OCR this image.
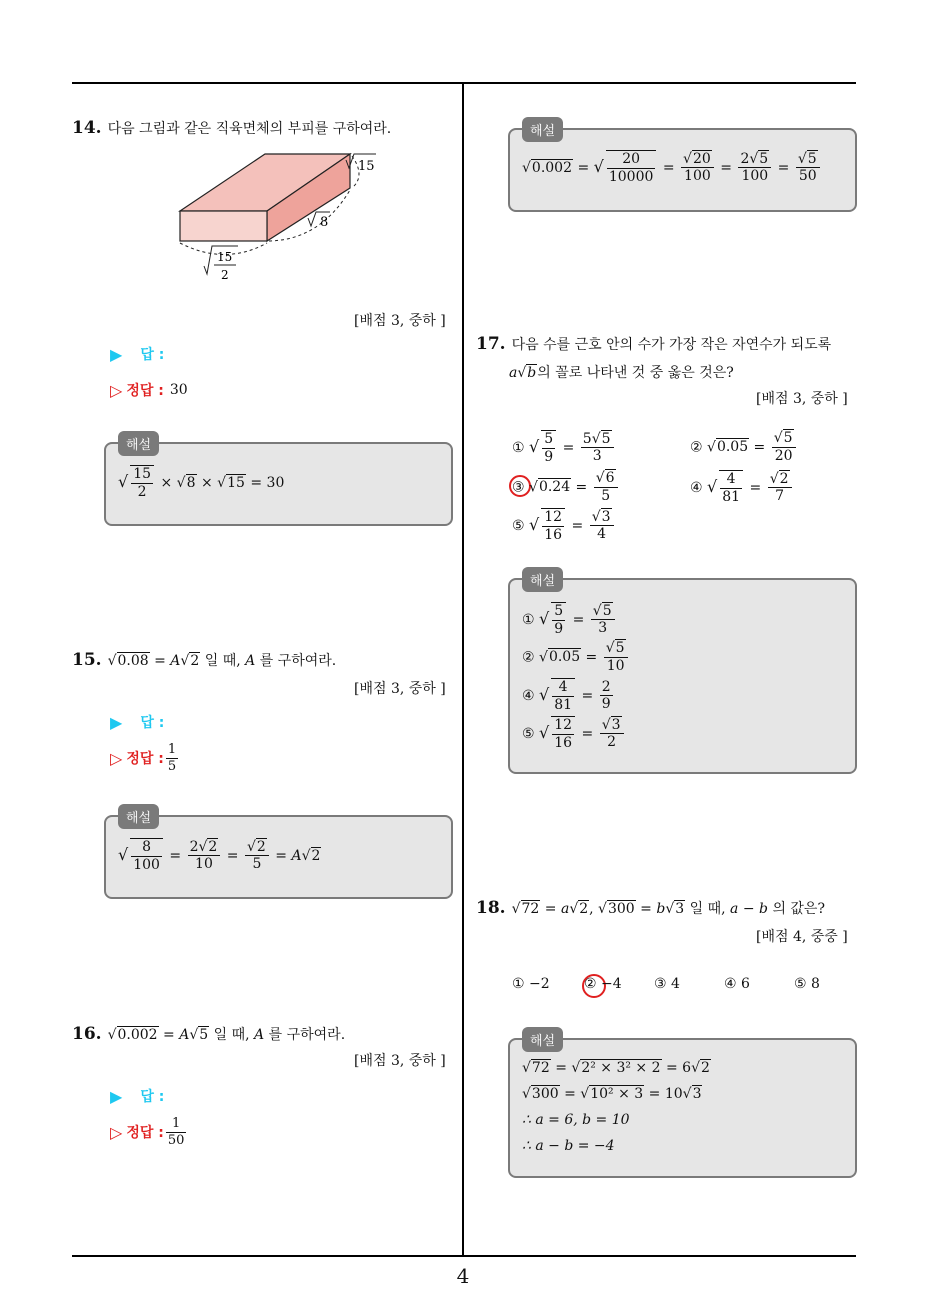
4
14. 다음 그림과 같은 직육면체의 부피를 구하여라.
15
8
15
2
[배점 3, 중하 ]
▶ 답 :
▷ 정답 : 30
해설
√ $\frac{15}{2} \times √8 \times √15 = 30$
15. √0.08 = A√2 일 때, A 를 구하여라.
[배점 3, 중하 ]
▶ 답 :
▷ 정답 : $\frac{1}{5}$
해설
√ $\frac{8}{100} = \frac{2√2}{10} = \frac{√2}{5} = A√2$
16. √0.002 = A√5 일 때, A 를 구하여라.
[배점 3, 중하 ]
▶ 답 :
▷ 정답 : $\frac{1}{50}$
해설
√0.002 = √ $\frac{20}{10000} = \frac{√20}{100} = \frac{2√5}{100} = \frac{√5}{50}$
17. 다음 수를 근호 안의 수가 가장 작은 자연수가 되도록
a√b의 꼴로 나타낸 것 중 옳은 것은?
[배점 3, 중하 ]
① √ $\frac{5}{9} = \frac{5√5}{3}$	② $√0.05 = \frac{√5}{20}$
③ $√0.24 = \frac{√6}{5}$	④ √ $\frac{4}{81} = \frac{√2}{7}$
⑤ √ $\frac{12}{16} = \frac{√3}{4}$
해설
① √ $\frac{5}{9} = \frac{√5}{3}$
② $√0.05 = \frac{√5}{10}$
④ √ $\frac{4}{81} = \frac{2}{9}$
⑤ √ $\frac{12}{16} = \frac{√3}{2}$
18. √72 = a√2, √300 = b√3 일 때, a − b 의 값은?
[배점 4, 중중 ]
① −2 ② −4 ③ 4	④ 6	⑤ 8
해설
√72 = √2² × 3² × 2 = 6√2
√300 = √10² × 3 = 10√3
∴ a = 6, b = 10
∴ a − b = −4
